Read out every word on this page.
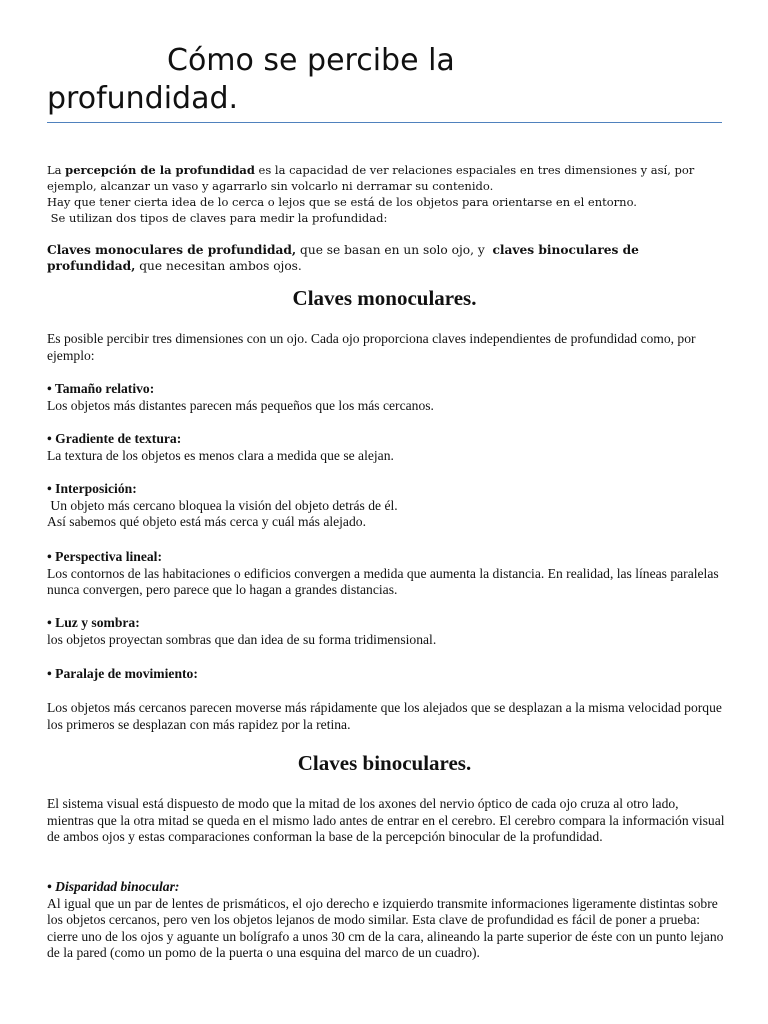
Cómo se percibe la
profundidad.

La percepción de la profundidad es la capacidad de ver relaciones espaciales en tres dimensiones y así, por ejemplo, alcanzar un vaso y agarrarlo sin volcarlo ni derramar su contenido.

Hay que tener cierta idea de lo cerca o lejos que se está de los objetos para orientarse en el entorno.

Se utilizan dos tipos de claves para medir la profundidad:

Claves monoculares de profundidad, que se basan en un solo ojo, y  claves binoculares de profundidad, que necesitan ambos ojos.

Claves monoculares.

Es posible percibir tres dimensiones con un ojo. Cada ojo proporciona claves independientes de profundidad como, por ejemplo:

• Tamaño relativo:

Los objetos más distantes parecen más pequeños que los más cercanos.

• Gradiente de textura:

La textura de los objetos es menos clara a medida que se alejan.

• Interposición:

Un objeto más cercano bloquea la visión del objeto detrás de él.

Así sabemos qué objeto está más cerca y cuál más alejado.

• Perspectiva lineal:

Los contornos de las habitaciones o edificios convergen a medida que aumenta la distancia. En realidad, las líneas paralelas nunca convergen, pero parece que lo hagan a grandes distancias.

• Luz y sombra:

los objetos proyectan sombras que dan idea de su forma tridimensional.

• Paralaje de movimiento:

Los objetos más cercanos parecen moverse más rápidamente que los alejados que se desplazan a la misma velocidad porque los primeros se desplazan con más rapidez por la retina.

Claves binoculares.

El sistema visual está dispuesto de modo que la mitad de los axones del nervio óptico de cada ojo cruza al otro lado, mientras que la otra mitad se queda en el mismo lado antes de entrar en el cerebro. El cerebro compara la información visual de ambos ojos y estas comparaciones conforman la base de la percepción binocular de la profundidad.

• Disparidad binocular:

Al igual que un par de lentes de prismáticos, el ojo derecho e izquierdo transmite informaciones ligeramente distintas sobre los objetos cercanos, pero ven los objetos lejanos de modo similar. Esta clave de profundidad es fácil de poner a prueba: cierre uno de los ojos y aguante un bolígrafo a unos 30 cm de la cara, alineando la parte superior de éste con un punto lejano de la pared (como un pomo de la puerta o una esquina del marco de un cuadro).
